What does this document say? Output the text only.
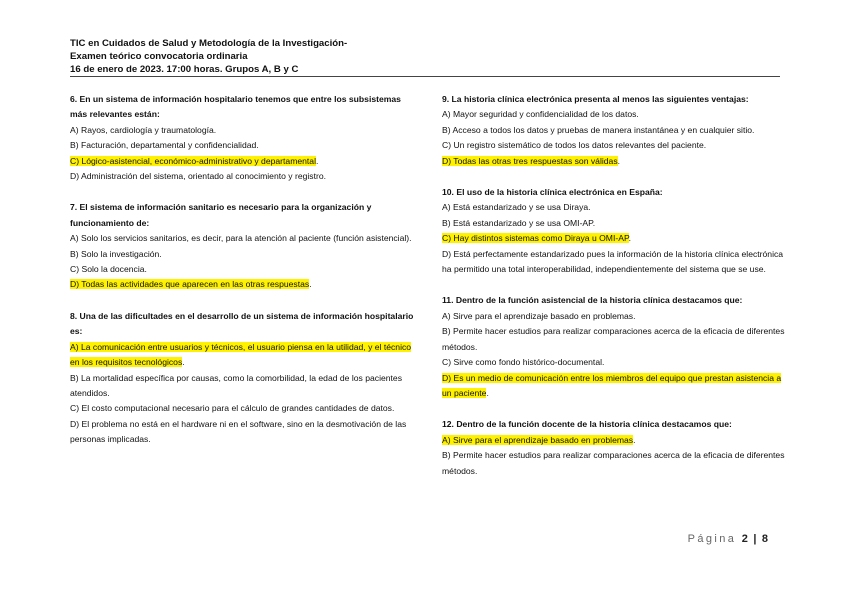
TIC en Cuidados de Salud y Metodología de la Investigación-
Examen teórico convocatoria ordinaria
16 de enero de 2023. 17:00 horas. Grupos A, B y C
6. En un sistema de información hospitalario tenemos que entre los subsistemas más relevantes están:
A) Rayos, cardiología y traumatología.
B) Facturación, departamental y confidencialidad.
C) Lógico-asistencial, económico-administrativo y departamental.
D) Administración del sistema, orientado al conocimiento y registro.
7. El sistema de información sanitario es necesario para la organización y funcionamiento de:
A) Solo los servicios sanitarios, es decir, para la atención al paciente (función asistencial).
B) Solo la investigación.
C) Solo la docencia.
D) Todas las actividades que aparecen en las otras respuestas.
8. Una de las dificultades en el desarrollo de un sistema de información hospitalario es:
A) La comunicación entre usuarios y técnicos, el usuario piensa en la utilidad, y el técnico en los requisitos tecnológicos.
B) La mortalidad específica por causas, como la comorbilidad, la edad de los pacientes atendidos.
C) El costo computacional necesario para el cálculo de grandes cantidades de datos.
D) El problema no está en el hardware ni en el software, sino en la desmotivación de las personas implicadas.
9. La historia clínica electrónica presenta al menos las siguientes ventajas:
A) Mayor seguridad y confidencialidad de los datos.
B) Acceso a todos los datos y pruebas de manera instantánea y en cualquier sitio.
C) Un registro sistemático de todos los datos relevantes del paciente.
D) Todas las otras tres respuestas son válidas.
10. El uso de la historia clínica electrónica en España:
A) Está estandarizado y se usa Diraya.
B) Está estandarizado y se usa OMI-AP.
C) Hay distintos sistemas como Diraya u OMI-AP.
D) Está perfectamente estandarizado pues la información de la historia clínica electrónica ha permitido una total interoperabilidad, independientemente del sistema que se use.
11. Dentro de la función asistencial de la historia clínica destacamos que:
A) Sirve para el aprendizaje basado en problemas.
B) Permite hacer estudios para realizar comparaciones acerca de la eficacia de diferentes métodos.
C) Sirve como fondo histórico-documental.
D) Es un medio de comunicación entre los miembros del equipo que prestan asistencia a un paciente.
12. Dentro de la función docente de la historia clínica destacamos que:
A) Sirve para el aprendizaje basado en problemas.
B) Permite hacer estudios para realizar comparaciones acerca de la eficacia de diferentes métodos.
Página 2 | 8
